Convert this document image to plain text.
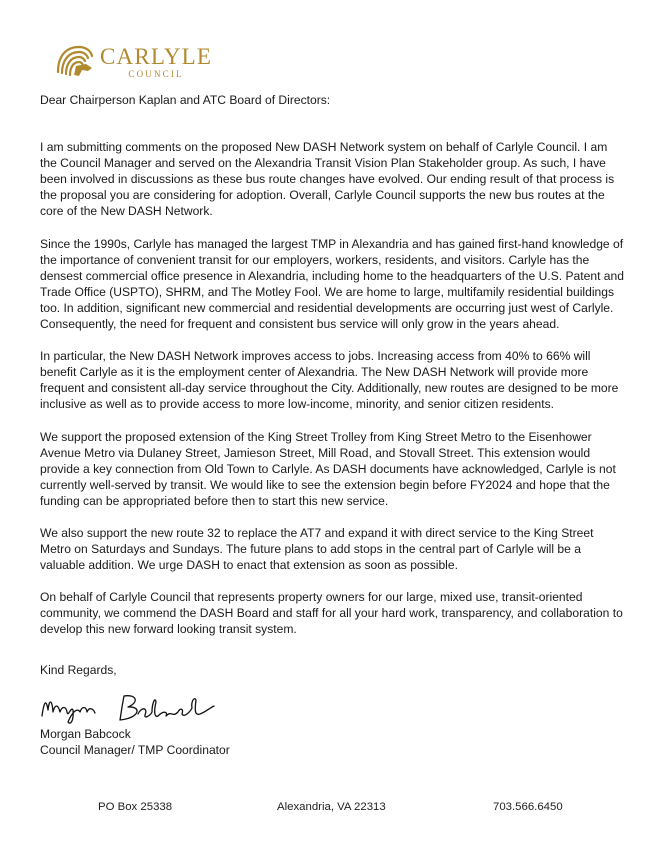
CARLYLE
COUNCIL

Dear Chairperson Kaplan and ATC Board of Directors:

I am submitting comments on the proposed New DASH Network system on behalf of Carlyle Council. I am the Council Manager and served on the Alexandria Transit Vision Plan Stakeholder group. As such, I have been involved in discussions as these bus route changes have evolved. Our ending result of that process is the proposal you are considering for adoption. Overall, Carlyle Council supports the new bus routes at the core of the New DASH Network.

Since the 1990s, Carlyle has managed the largest TMP in Alexandria and has gained first-hand knowledge of the importance of convenient transit for our employers, workers, residents, and visitors. Carlyle has the densest commercial office presence in Alexandria, including home to the headquarters of the U.S. Patent and Trade Office (USPTO), SHRM, and The Motley Fool. We are home to large, multifamily residential buildings too. In addition, significant new commercial and residential developments are occurring just west of Carlyle. Consequently, the need for frequent and consistent bus service will only grow in the years ahead.

In particular, the New DASH Network improves access to jobs. Increasing access from 40% to 66% will benefit Carlyle as it is the employment center of Alexandria. The New DASH Network will provide more frequent and consistent all-day service throughout the City. Additionally, new routes are designed to be more inclusive as well as to provide access to more low-income, minority, and senior citizen residents.

We support the proposed extension of the King Street Trolley from King Street Metro to the Eisenhower Avenue Metro via Dulaney Street, Jamieson Street, Mill Road, and Stovall Street. This extension would provide a key connection from Old Town to Carlyle. As DASH documents have acknowledged, Carlyle is not currently well-served by transit. We would like to see the extension begin before FY2024 and hope that the funding can be appropriated before then to start this new service.

We also support the new route 32 to replace the AT7 and expand it with direct service to the King Street Metro on Saturdays and Sundays. The future plans to add stops in the central part of Carlyle will be a valuable addition. We urge DASH to enact that extension as soon as possible.

On behalf of Carlyle Council that represents property owners for our large, mixed use, transit-oriented community, we commend the DASH Board and staff for all your hard work, transparency, and collaboration to develop this new forward looking transit system.

Kind Regards,

Morgan Babcock
Council Manager/ TMP Coordinator
PO Box 25338	Alexandria, VA 22313	703.566.6450
